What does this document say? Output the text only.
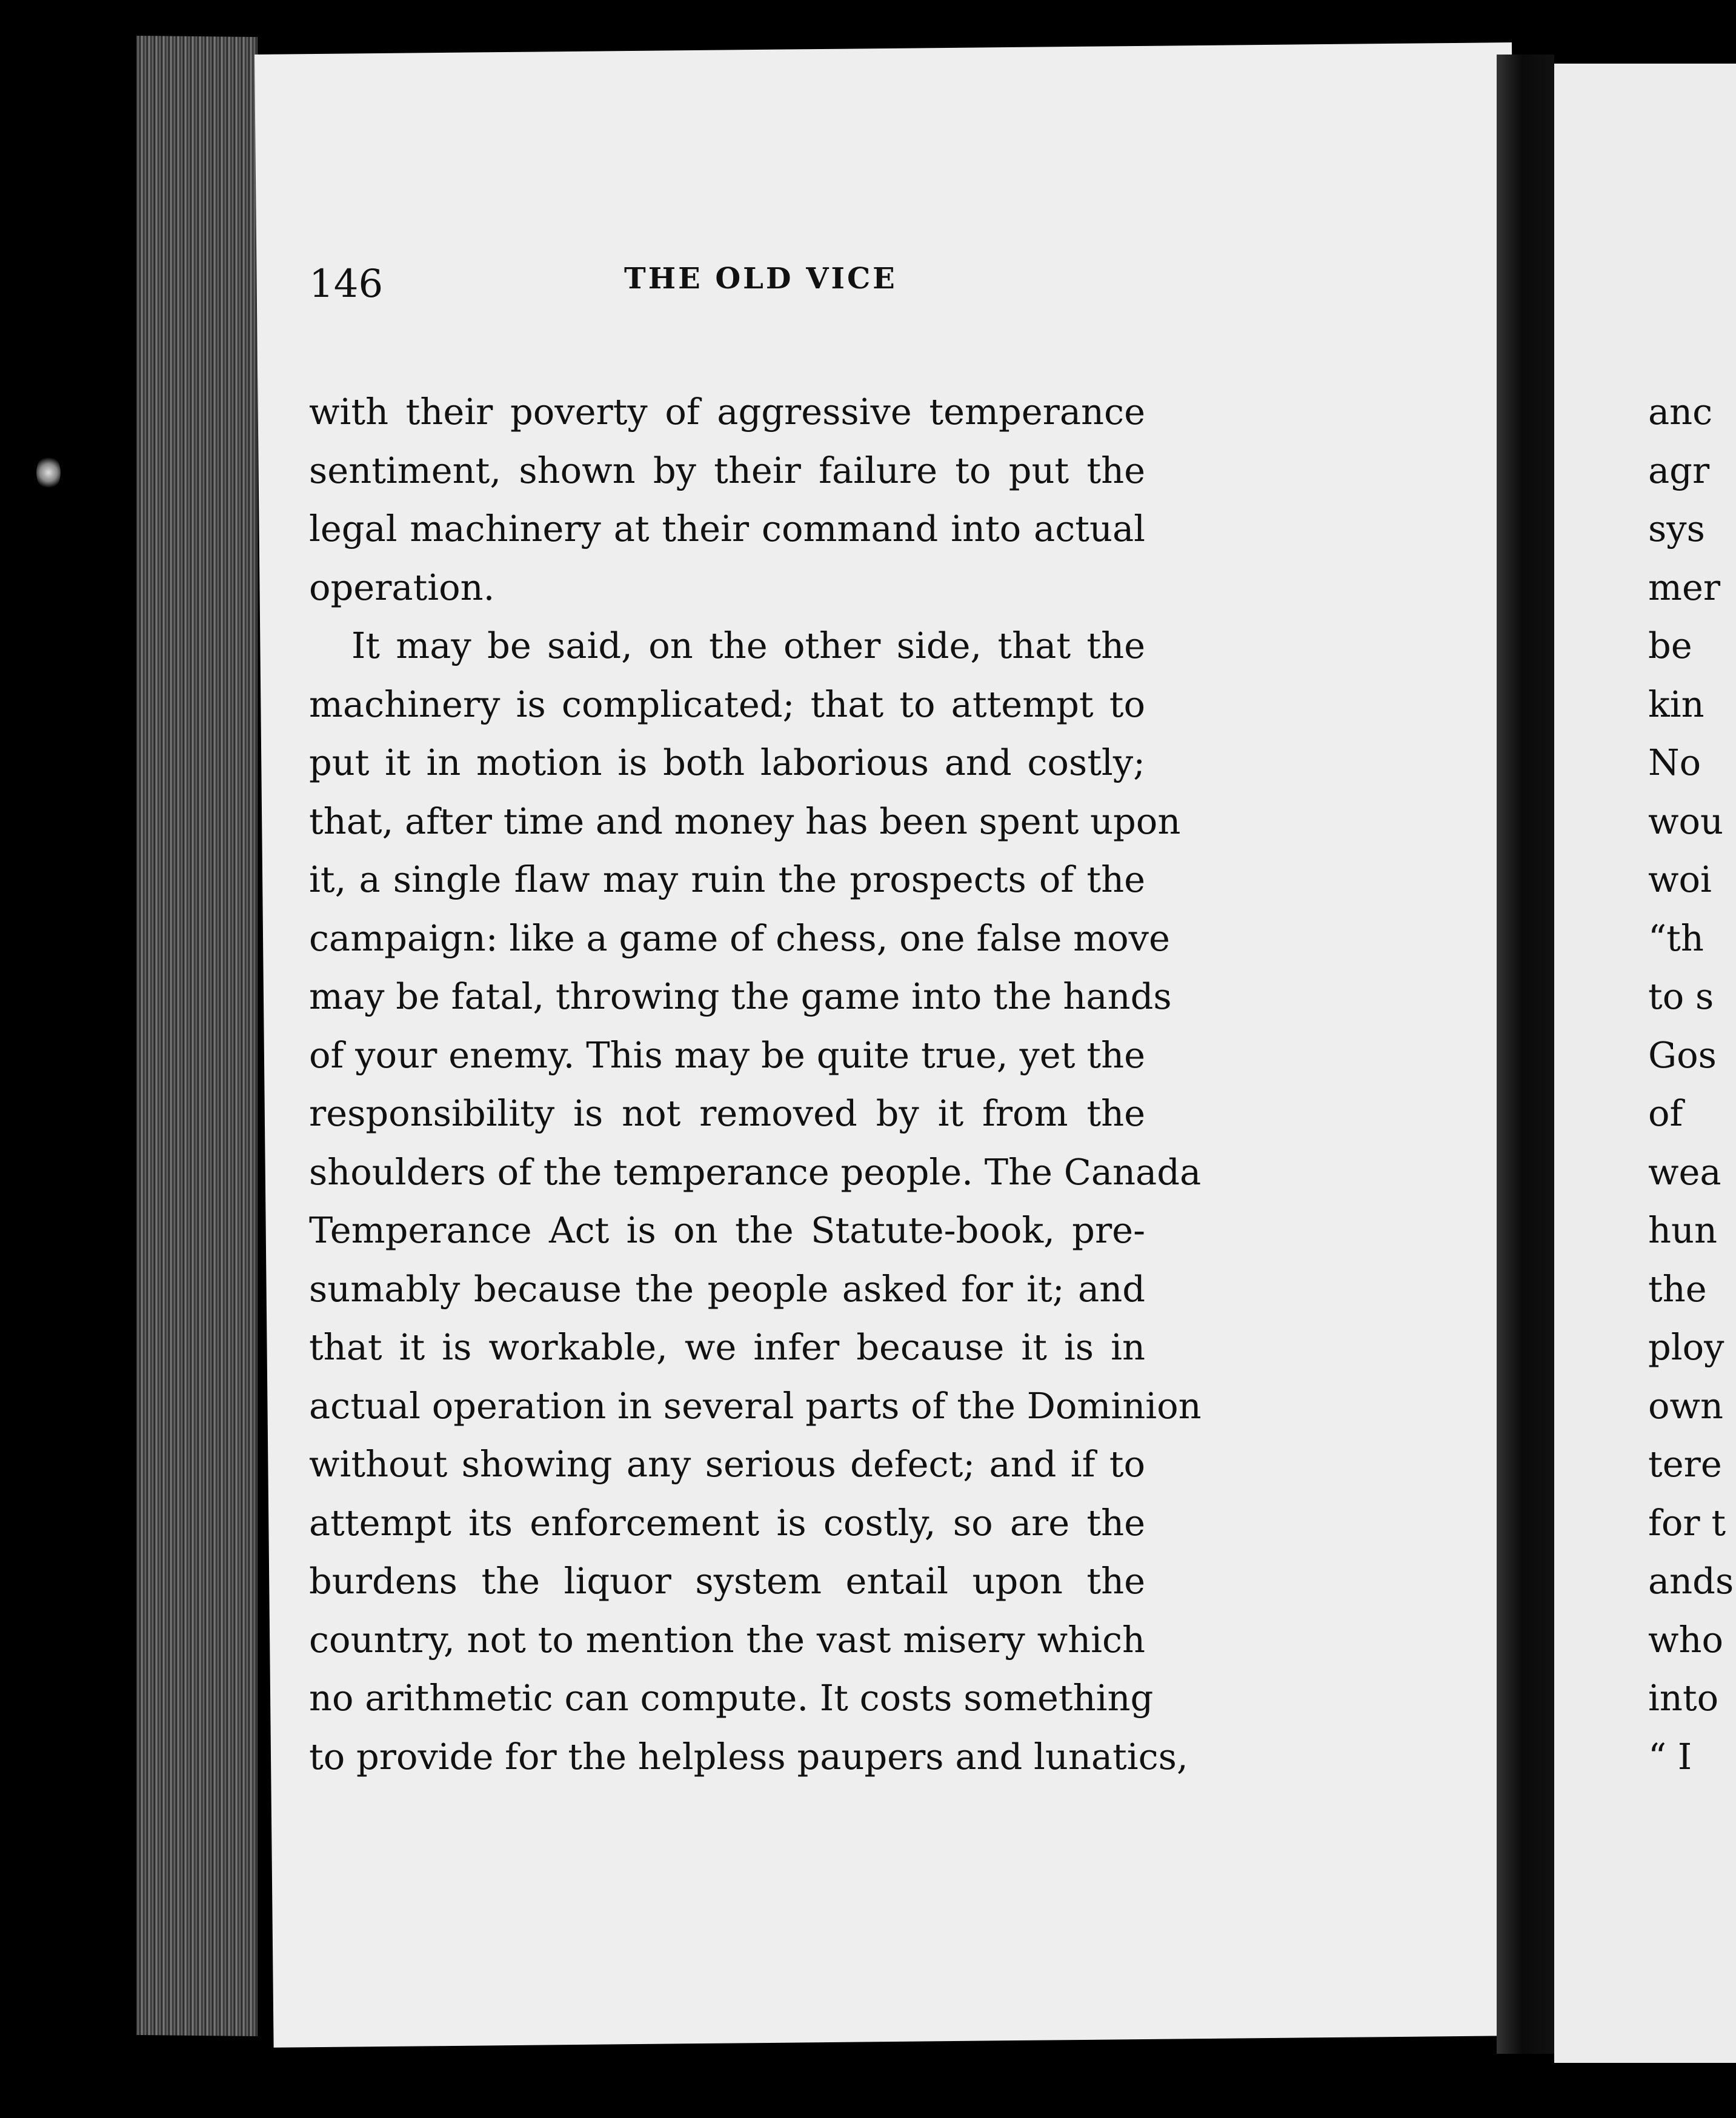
146	THE OLD VICE
with their poverty of aggressive temperance
sentiment, shown by their failure to put the
legal machinery at their command into actual
operation.
It may be said, on the other side, that the
machinery is complicated; that to attempt to
put it in motion is both laborious and costly;
that, after time and money has been spent upon
it, a single flaw may ruin the prospects of the
campaign: like a game of chess, one false move
may be fatal, throwing the game into the hands
of your enemy. This may be quite true, yet the
responsibility is not removed by it from the
shoulders of the temperance people. The Canada
Temperance Act is on the Statute-book, pre-
sumably because the people asked for it; and
that it is workable, we infer because it is in
actual operation in several parts of the Dominion
without showing any serious defect; and if to
attempt its enforcement is costly, so are the
burdens the liquor system entail upon the
country, not to mention the vast misery which
no arithmetic can compute. It costs something
to provide for the helpless paupers and lunatics,
anc
agr
sys
mer
be
kin
No
wou
woi
“th
to s
Gos
of
wea
hun
the
ploy
own
tere
for t
ands
who
into
“ I
